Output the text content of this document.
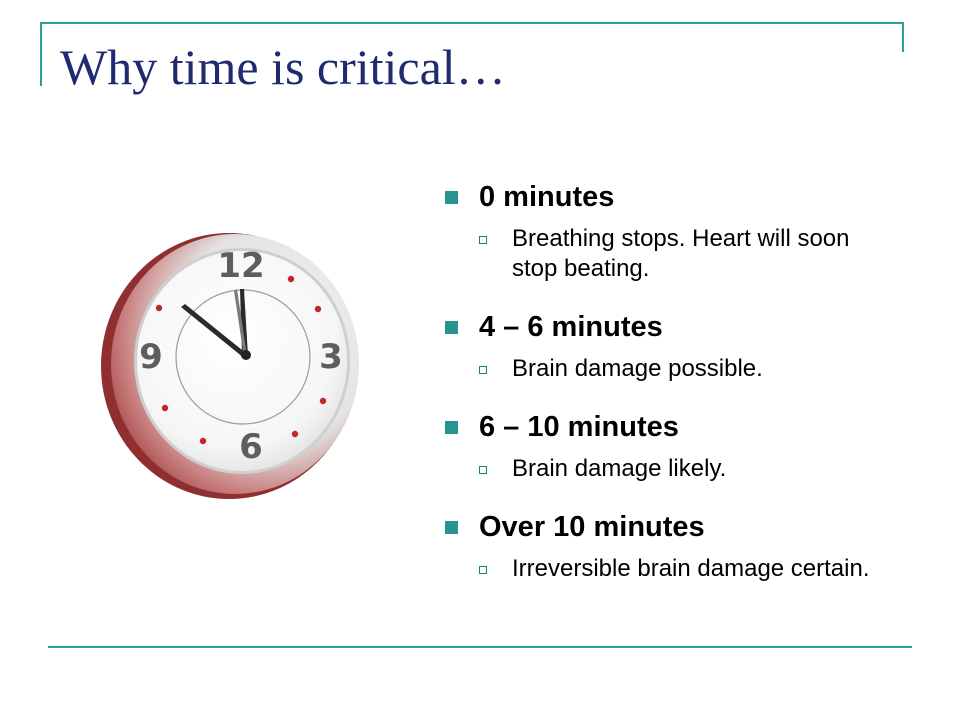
Why time is critical…
12
3
6
9
0 minutes
Breathing stops. Heart will soon stop beating.
4 – 6 minutes
Brain damage possible.
6 – 10 minutes
Brain damage likely.
Over 10 minutes
Irreversible brain damage certain.
